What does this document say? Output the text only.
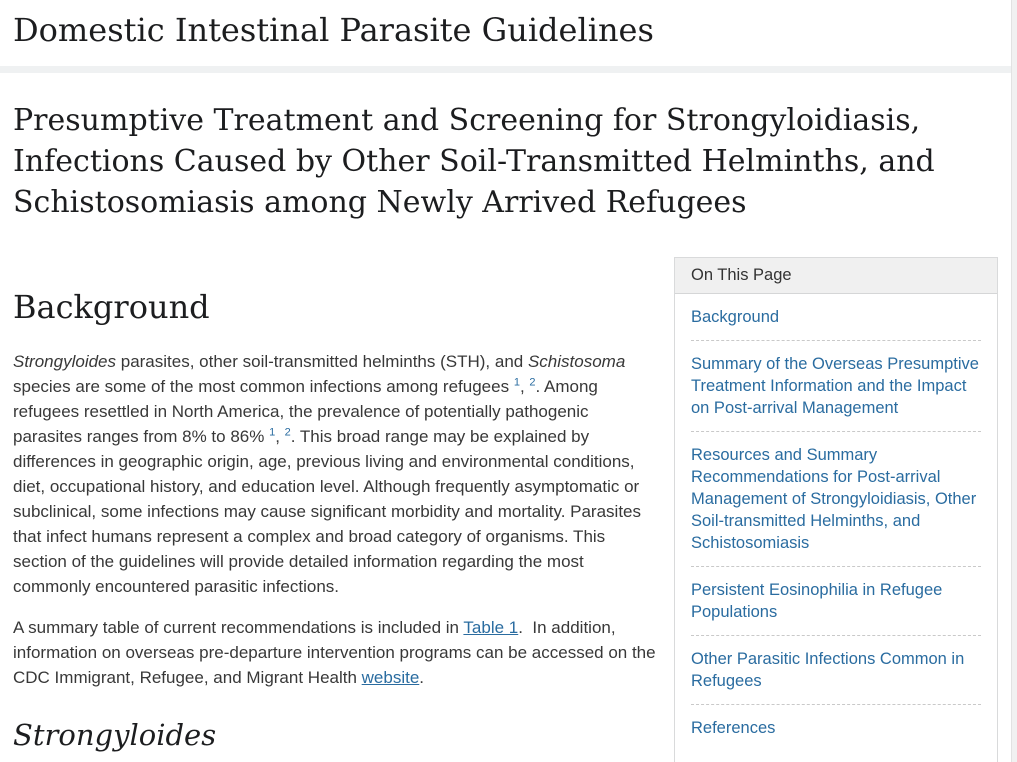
Domestic Intestinal Parasite Guidelines
Presumptive Treatment and Screening for Strongyloidiasis, Infections Caused by Other Soil-Transmitted Helminths, and Schistosomiasis among Newly Arrived Refugees
Background

Strongyloides parasites, other soil-transmitted helminths (STH), and Schistosoma species are some of the most common infections among refugees $^1$, $^2$. Among refugees resettled in North America, the prevalence of potentially pathogenic parasites ranges from 8% to 86% $^1$, $^2$. This broad range may be explained by differences in geographic origin, age, previous living and environmental conditions, diet, occupational history, and education level. Although frequently asymptomatic or subclinical, some infections may cause significant morbidity and mortality. Parasites that infect humans represent a complex and broad category of organisms. This section of the guidelines will provide detailed information regarding the most commonly encountered parasitic infections.

A summary table of current recommendations is included in Table 1.  In addition, information on overseas pre-departure intervention programs can be accessed on the CDC Immigrant, Refugee, and Migrant Health website.

Strongyloides
On This Page
Background
Summary of the Overseas Presumptive Treatment Information and the Impact on Post-arrival Management
Resources and Summary Recommendations for Post-arrival Management of Strongyloidiasis, Other Soil-transmitted Helminths, and Schistosomiasis
Persistent Eosinophilia in Refugee Populations
Other Parasitic Infections Common in Refugees
References
